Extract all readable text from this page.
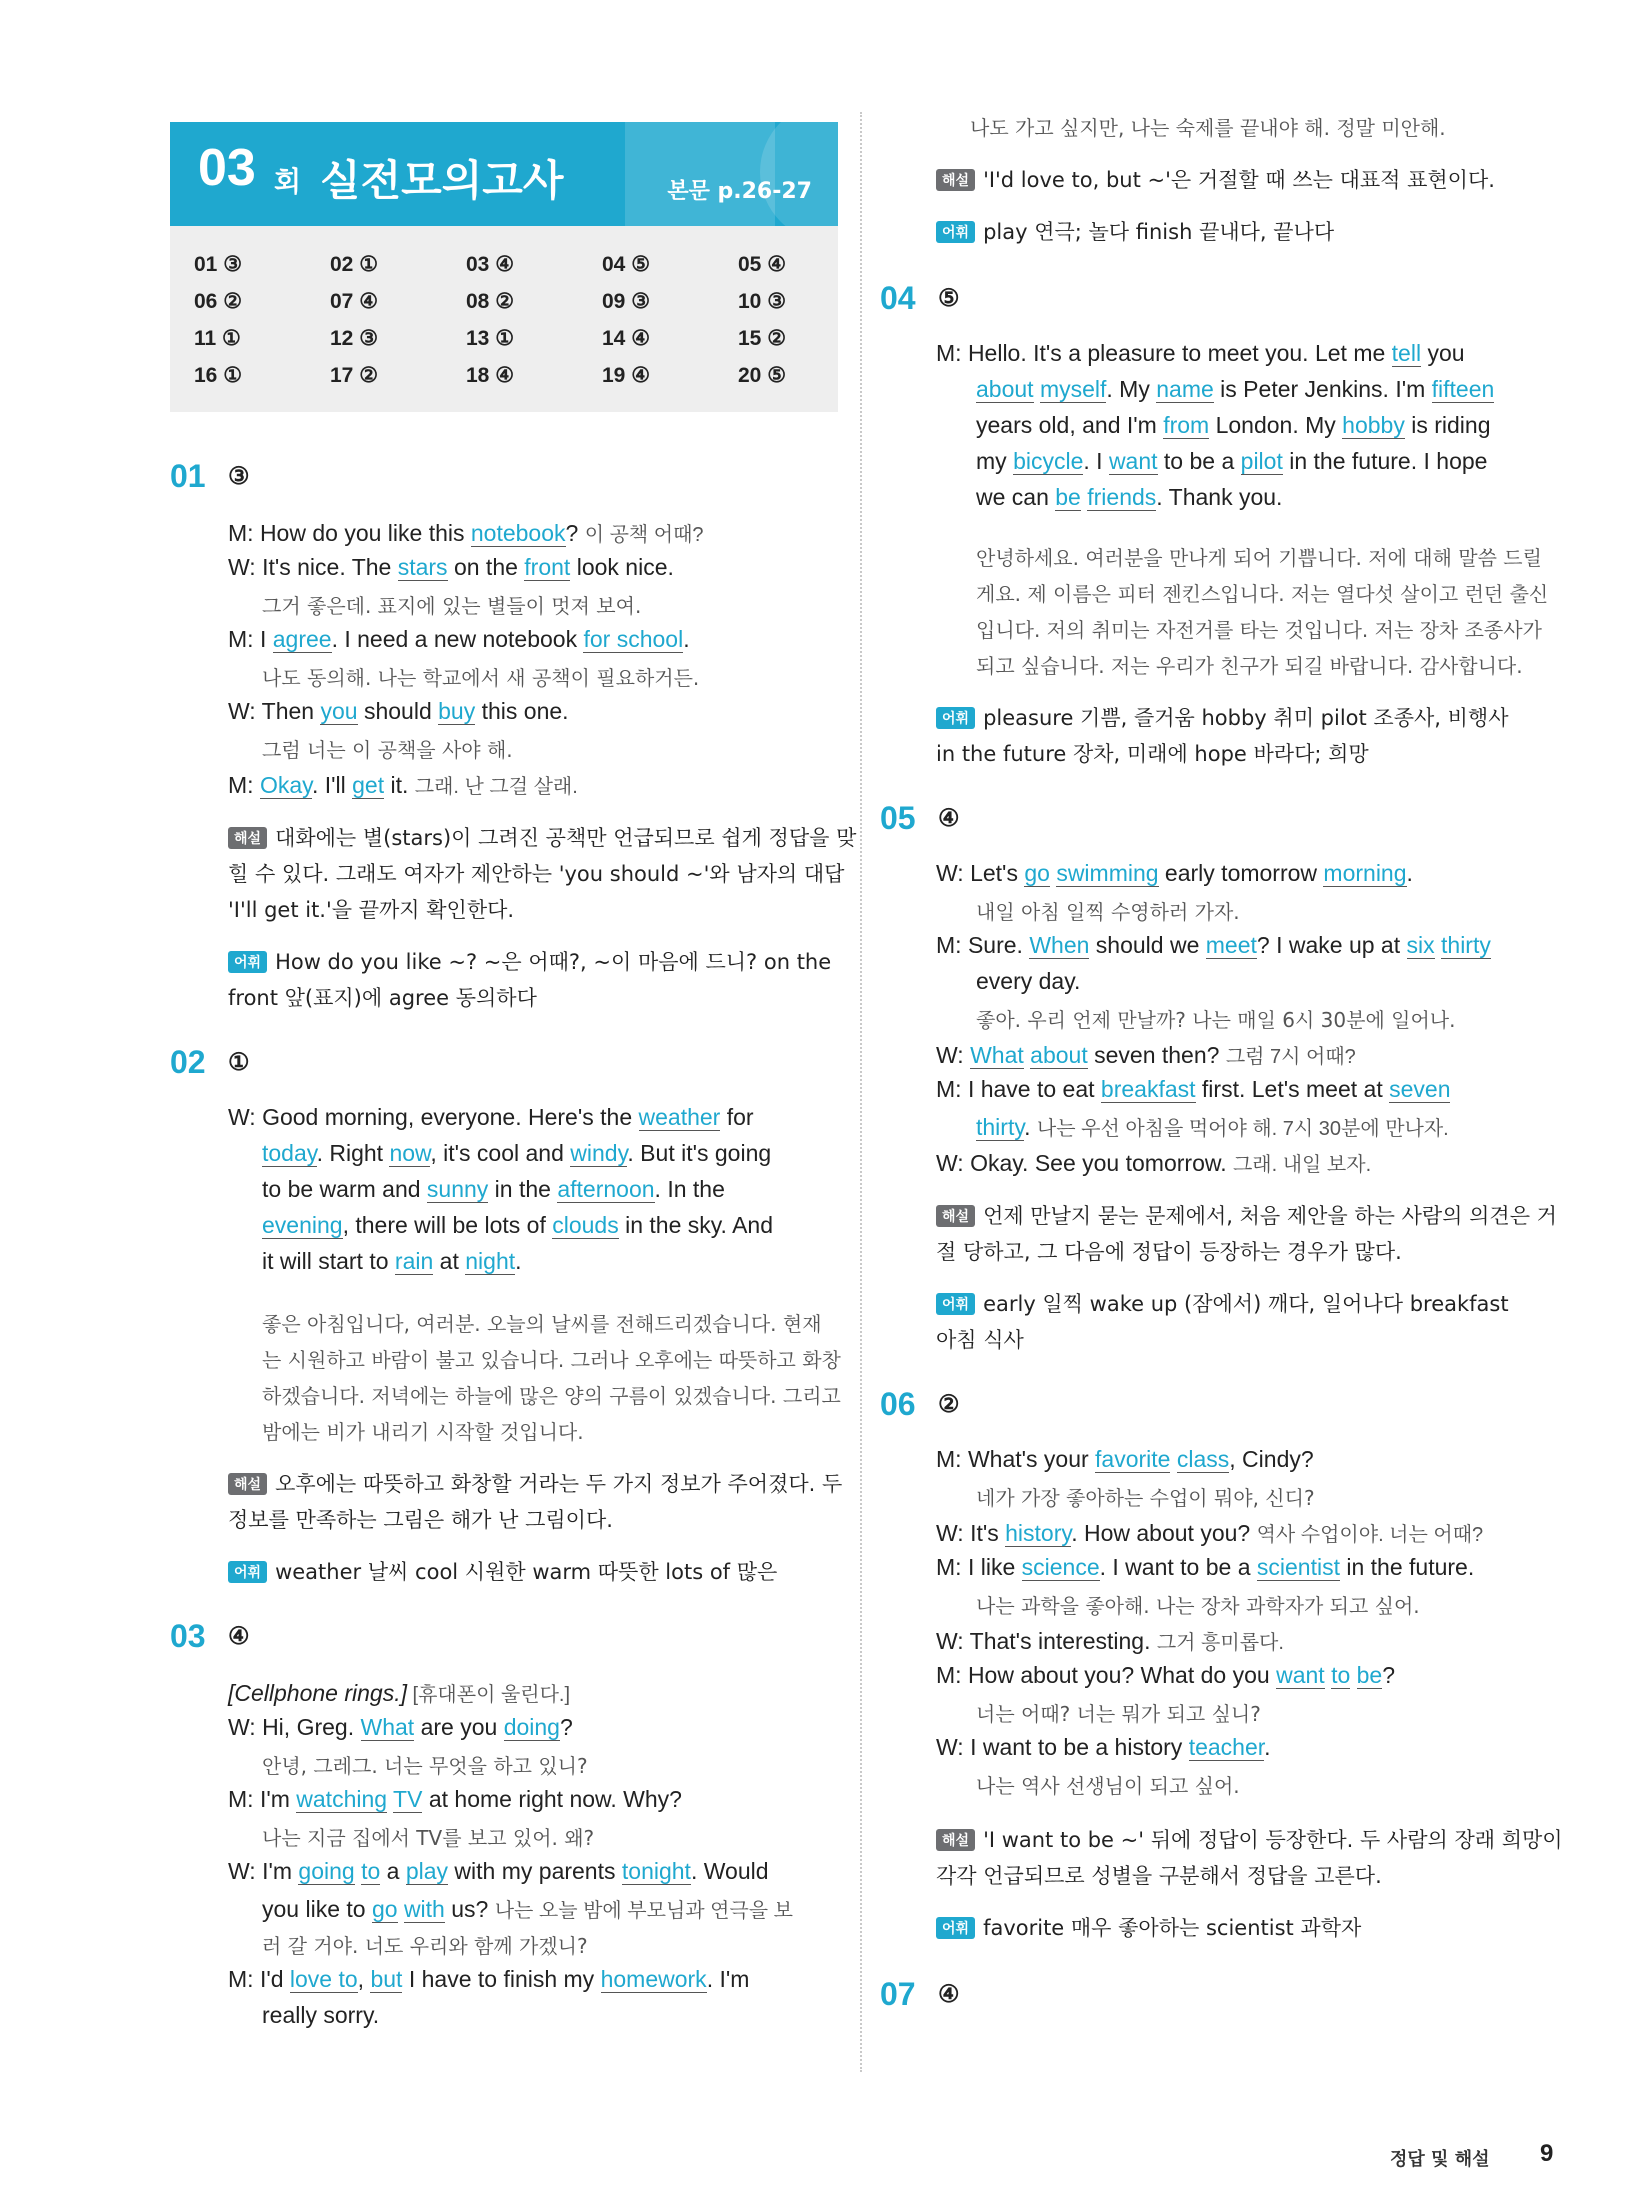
03 회 실전모의고사	본문 p.26-27
01 ③	02 ①	03 ④	04 ⑤	05 ④
06 ②	07 ④	08 ②	09 ③	10 ③
11 ①	12 ③	13 ①	14 ④	15 ②
16 ①	17 ②	18 ④	19 ④	20 ⑤
01 ③
M: How do you like this notebook? 이 공책 어때?
W: It's nice. The stars on the front look nice.
그거 좋은데. 표지에 있는 별들이 멋져 보여.
M: I agree. I need a new notebook for school.
나도 동의해. 나는 학교에서 새 공책이 필요하거든.
W: Then you should buy this one.
그럼 너는 이 공책을 사야 해.
M: Okay. I'll get it. 그래. 난 그걸 살래.
해설 대화에는 별(stars)이 그려진 공책만 언급되므로 쉽게 정답을 맞
힐 수 있다. 그래도 여자가 제안하는 'you should ~'와 남자의 대답
'I'll get it.'을 끝까지 확인한다.
어휘 How do you like ~? ~은 어때?, ~이 마음에 드니? on the
front 앞(표지)에 agree 동의하다
02 ①
W: Good morning, everyone. Here's the weather for
today. Right now, it's cool and windy. But it's going
to be warm and sunny in the afternoon. In the
evening, there will be lots of clouds in the sky. And
it will start to rain at night.
좋은 아침입니다, 여러분. 오늘의 날씨를 전해드리겠습니다. 현재
는 시원하고 바람이 불고 있습니다. 그러나 오후에는 따뜻하고 화창
하겠습니다. 저녁에는 하늘에 많은 양의 구름이 있겠습니다. 그리고
밤에는 비가 내리기 시작할 것입니다.
해설 오후에는 따뜻하고 화창할 거라는 두 가지 정보가 주어졌다. 두
정보를 만족하는 그림은 해가 난 그림이다.
어휘 weather 날씨 cool 시원한 warm 따뜻한 lots of 많은
03 ④
[Cellphone rings.] [휴대폰이 울린다.]
W: Hi, Greg. What are you doing?
안녕, 그레그. 너는 무엇을 하고 있니?
M: I'm watching TV at home right now. Why?
나는 지금 집에서 TV를 보고 있어. 왜?
W: I'm going to a play with my parents tonight. Would
you like to go with us? 나는 오늘 밤에 부모님과 연극을 보
러 갈 거야. 너도 우리와 함께 가겠니?
M: I'd love to, but I have to finish my homework. I'm
really sorry.
나도 가고 싶지만, 나는 숙제를 끝내야 해. 정말 미안해.
해설 'I'd love to, but ~'은 거절할 때 쓰는 대표적 표현이다.
어휘 play 연극; 놀다 finish 끝내다, 끝나다
04 ⑤
M: Hello. It's a pleasure to meet you. Let me tell you
about myself. My name is Peter Jenkins. I'm fifteen
years old, and I'm from London. My hobby is riding
my bicycle. I want to be a pilot in the future. I hope
we can be friends. Thank you.
안녕하세요. 여러분을 만나게 되어 기쁩니다. 저에 대해 말씀 드릴
게요. 제 이름은 피터 젠킨스입니다. 저는 열다섯 살이고 런던 출신
입니다. 저의 취미는 자전거를 타는 것입니다. 저는 장차 조종사가
되고 싶습니다. 저는 우리가 친구가 되길 바랍니다. 감사합니다.
어휘 pleasure 기쁨, 즐거움 hobby 취미 pilot 조종사, 비행사
in the future 장차, 미래에 hope 바라다; 희망
05 ④
W: Let's go swimming early tomorrow morning.
내일 아침 일찍 수영하러 가자.
M: Sure. When should we meet? I wake up at six thirty
every day.
좋아. 우리 언제 만날까? 나는 매일 6시 30분에 일어나.
W: What about seven then? 그럼 7시 어때?
M: I have to eat breakfast first. Let's meet at seven
thirty. 나는 우선 아침을 먹어야 해. 7시 30분에 만나자.
W: Okay. See you tomorrow. 그래. 내일 보자.
해설 언제 만날지 묻는 문제에서, 처음 제안을 하는 사람의 의견은 거
절 당하고, 그 다음에 정답이 등장하는 경우가 많다.
어휘 early 일찍 wake up (잠에서) 깨다, 일어나다 breakfast
아침 식사
06 ②
M: What's your favorite class, Cindy?
네가 가장 좋아하는 수업이 뭐야, 신디?
W: It's history. How about you? 역사 수업이야. 너는 어때?
M: I like science. I want to be a scientist in the future.
나는 과학을 좋아해. 나는 장차 과학자가 되고 싶어.
W: That's interesting. 그거 흥미롭다.
M: How about you? What do you want to be?
너는 어때? 너는 뭐가 되고 싶니?
W: I want to be a history teacher.
나는 역사 선생님이 되고 싶어.
해설 'I want to be ~' 뒤에 정답이 등장한다. 두 사람의 장래 희망이
각각 언급되므로 성별을 구분해서 정답을 고른다.
어휘 favorite 매우 좋아하는 scientist 과학자
07 ④
정답 및 해설 9
